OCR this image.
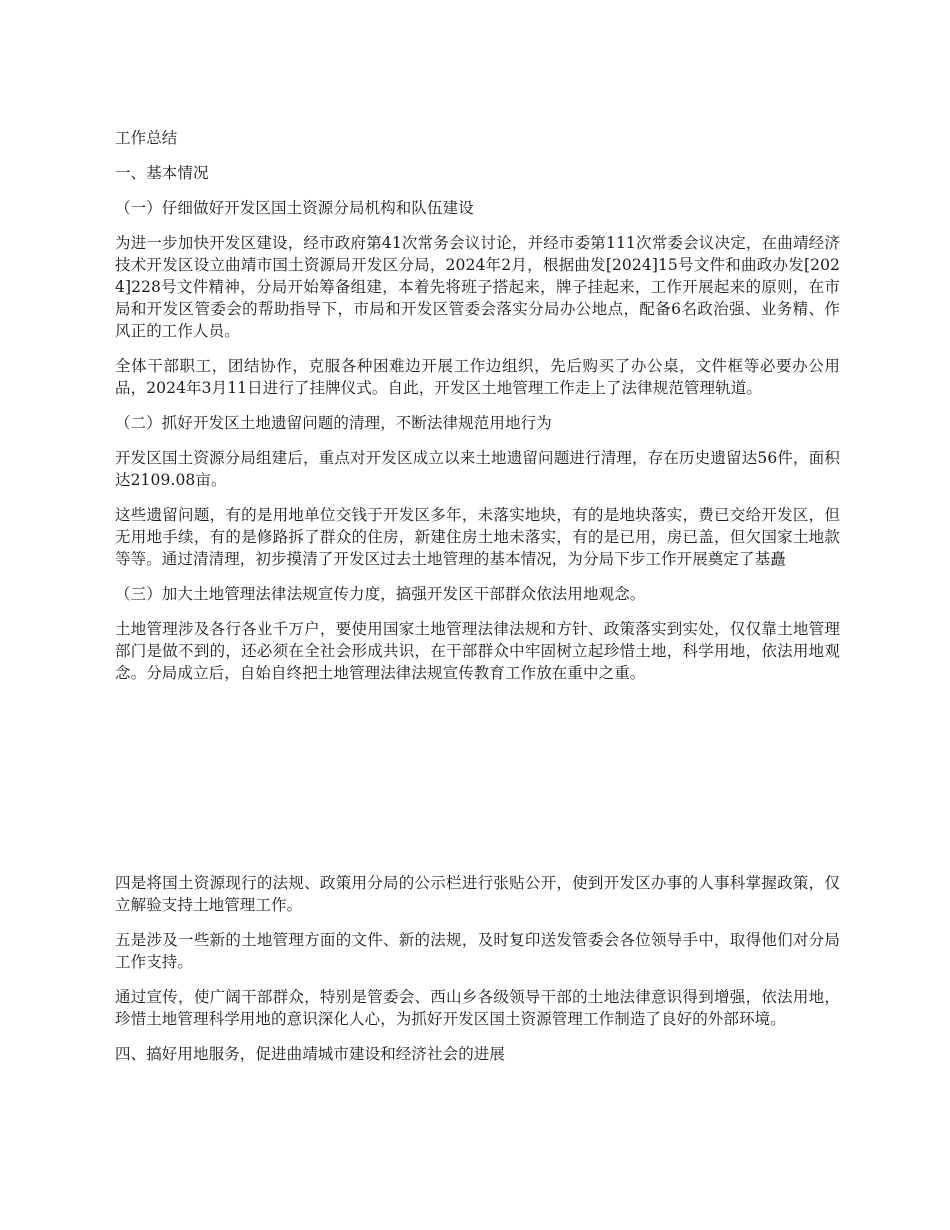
工作总结

一、基本情况

（一）仔细做好开发区国土资源分局机构和队伍建设

为进一步加快开发区建设，经市政府第41次常务会议讨论，并经市委第111次常委会议决定，在曲靖经济技术开发区设立曲靖市国土资源局开发区分局，2024年2月，根据曲发[2024]15号文件和曲政办发[2024]228号文件精神，分局开始筹备组建，本着先将班子搭起来，牌子挂起来，工作开展起来的原则，在市局和开发区管委会的帮助指导下，市局和开发区管委会落实分局办公地点，配备6名政治强、业务精、作风正的工作人员。

全体干部职工，团结协作，克服各种困难边开展工作边组织，先后购买了办公桌，文件框等必要办公用品，2024年3月11日进行了挂牌仪式。自此，开发区土地管理工作走上了法律规范管理轨道。

（二）抓好开发区土地遗留问题的清理，不断法律规范用地行为

开发区国土资源分局组建后，重点对开发区成立以来土地遗留问题进行清理，存在历史遗留达56件，面积达2109.08亩。

这些遗留问题，有的是用地单位交钱于开发区多年，未落实地块，有的是地块落实，费已交给开发区，但无用地手续，有的是修路拆了群众的住房，新建住房土地未落实，有的是已用，房已盖，但欠国家土地款等等。通过清清理，初步摸清了开发区过去土地管理的基本情况，为分局下步工作开展奠定了基矗

（三）加大土地管理法律法规宣传力度，搞强开发区干部群众依法用地观念。

土地管理涉及各行各业千万户，要使用国家土地管理法律法规和方针、政策落实到实处，仅仅靠土地管理部门是做不到的，还必须在全社会形成共识，在干部群众中牢固树立起珍惜土地，科学用地，依法用地观念。分局成立后，自始自终把土地管理法律法规宣传教育工作放在重中之重。

四是将国土资源现行的法规、政策用分局的公示栏进行张贴公开，使到开发区办事的人事科掌握政策，仅立解验支持土地管理工作。

五是涉及一些新的土地管理方面的文件、新的法规，及时复印送发管委会各位领导手中，取得他们对分局工作支持。

通过宣传，使广阔干部群众，特别是管委会、西山乡各级领导干部的土地法律意识得到增强，依法用地，珍惜土地管理科学用地的意识深化人心，为抓好开发区国土资源管理工作制造了良好的外部环境。

四、搞好用地服务，促进曲靖城市建设和经济社会的进展
